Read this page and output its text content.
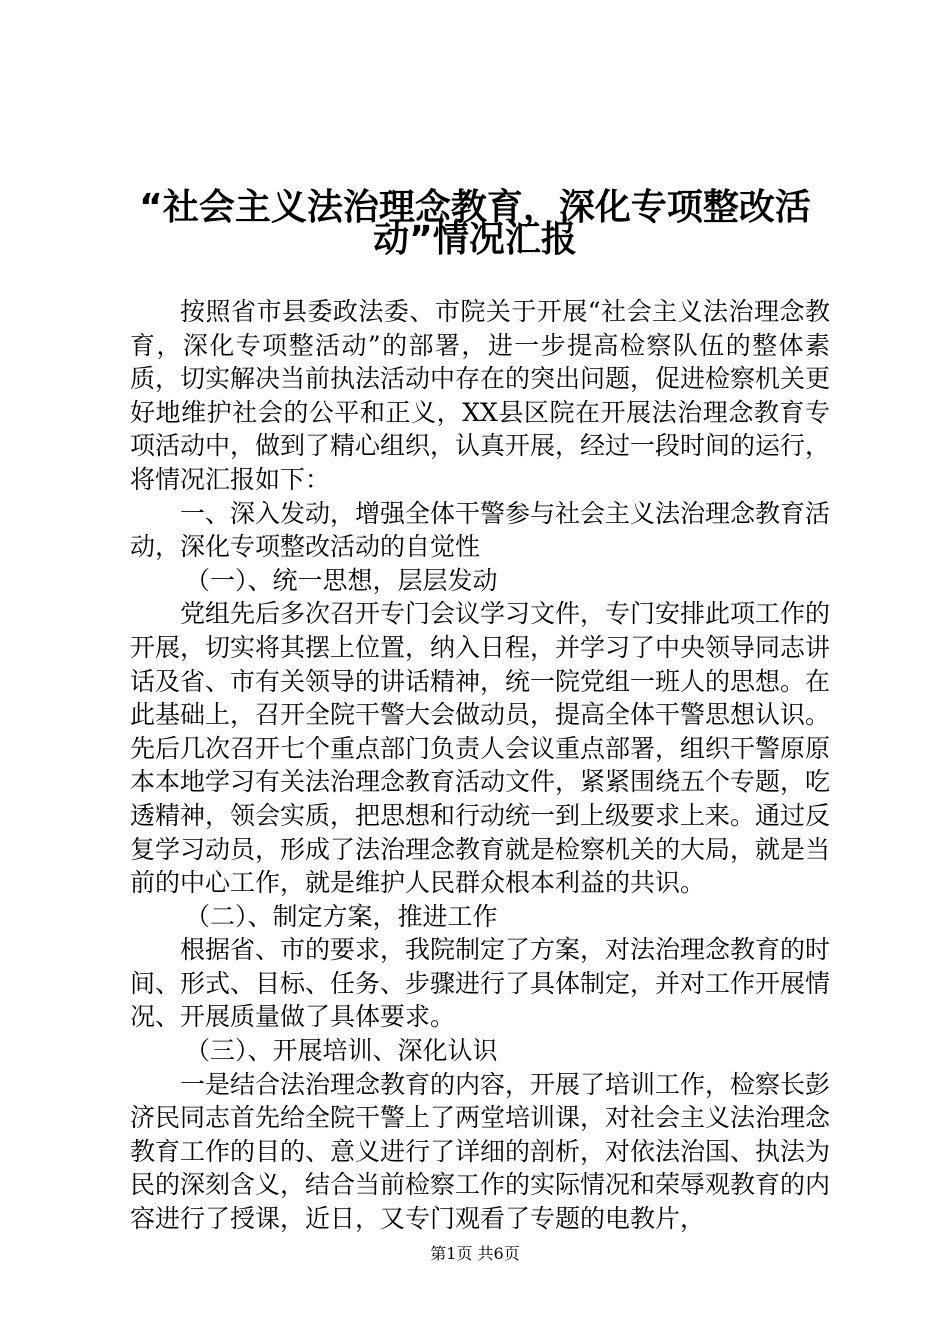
“社会主义法治理念教育，深化专项整改活
动”情况汇报

按照省市县委政法委、市院关于开展“社会主义法治理念教育，深化专项整活动”的部署，进一步提高检察队伍的整体素质，切实解决当前执法活动中存在的突出问题，促进检察机关更好地维护社会的公平和正义，XX县区院在开展法治理念教育专项活动中，做到了精心组织，认真开展，经过一段时间的运行，将情况汇报如下：

一、深入发动，增强全体干警参与社会主义法治理念教育活动，深化专项整改活动的自觉性

（一）、统一思想，层层发动

党组先后多次召开专门会议学习文件，专门安排此项工作的开展，切实将其摆上位置，纳入日程，并学习了中央领导同志讲话及省、市有关领导的讲话精神，统一院党组一班人的思想。在此基础上，召开全院干警大会做动员，提高全体干警思想认识。先后几次召开七个重点部门负责人会议重点部署，组织干警原原本本地学习有关法治理念教育活动文件，紧紧围绕五个专题，吃透精神，领会实质，把思想和行动统一到上级要求上来。通过反复学习动员，形成了法治理念教育就是检察机关的大局，就是当前的中心工作，就是维护人民群众根本利益的共识。

（二）、制定方案，推进工作

根据省、市的要求，我院制定了方案，对法治理念教育的时间、形式、目标、任务、步骤进行了具体制定，并对工作开展情况、开展质量做了具体要求。

（三）、开展培训、深化认识

一是结合法治理念教育的内容，开展了培训工作，检察长彭济民同志首先给全院干警上了两堂培训课，对社会主义法治理念教育工作的目的、意义进行了详细的剖析，对依法治国、执法为民的深刻含义，结合当前检察工作的实际情况和荣辱观教育的内容进行了授课，近日，又专门观看了专题的电教片，

第1页 共6页
